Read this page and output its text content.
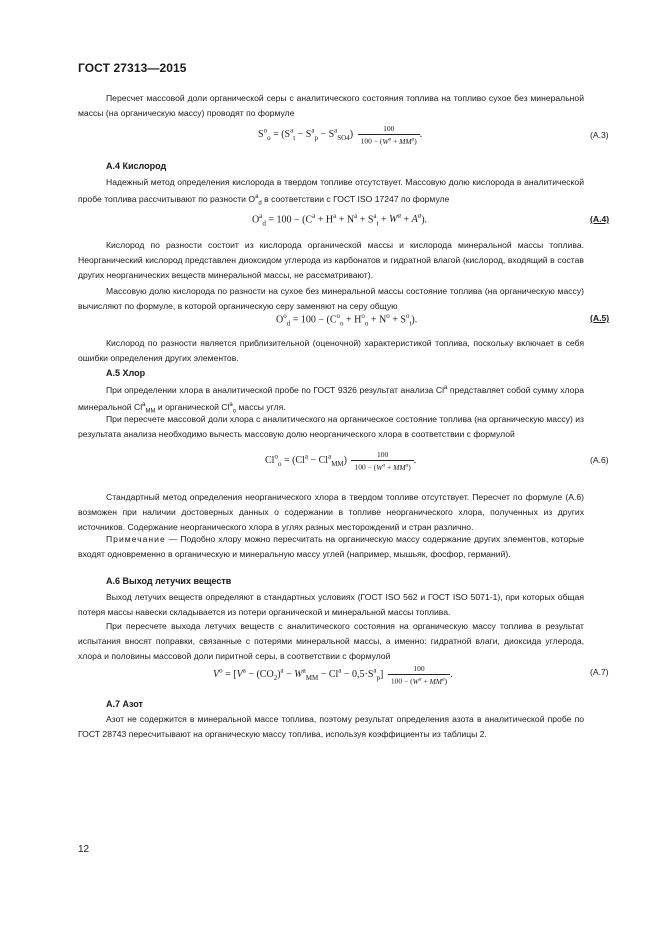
ГОСТ 27313—2015

Пересчет массовой доли органической серы с аналитического состояния топлива на топливо сухое без минеральной массы (на органическую массу) проводят по формуле

$S^o_o = (S^a_t - S^a_p - S^a_{SO4}) \frac{100}{100 - (W^a + MM^a)}$ .	(A.3)
А.4 Кислород

Надежный метод определения кислорода в твердом топливе отсутствует. Массовую долю кислорода в аналитической пробе топлива рассчитывают по разности $O^a_d$ в соответствии с ГОСТ ISO 17247 по формуле

$O^a_d = 100 - (C^a + H^a + N^a + S^a_t + W^a + A^a)$.	(A.4)

Кислород по разности состоит из кислорода органической массы и кислорода минеральной массы топлива. Неорганический кислород представлен диоксидом углерода из карбонатов и гидратной влагой (кислород, входящий в состав других неорганических веществ минеральной массы, не рассматривают).

Массовую долю кислорода по разности на сухое без минеральной массы состояние топлива (на органическую массу) вычисляют по формуле, в которой органическую серу заменяют на серу общую

$O^o_d = 100 - (C^o_o + H^o_o + N^o + S^o_t)$.	(A.5)

Кислород по разности является приблизительной (оценочной) характеристикой топлива, поскольку включает в себя ошибки определения других элементов.

А.5 Хлор

При определении хлора в аналитической пробе по ГОСТ 9326 результат анализа Cl$^a$ представляет собой сумму хлора минеральной $Cl^a_{MM}$ и органической $Cl^a_o$ массы угля.

При пересчете массовой доли хлора с аналитического на органическое состояние топлива (на органическую массу) из результата анализа необходимо вычесть массовую долю неорганического хлора в соответствии с формулой

$Cl^o_o = (Cl^a - Cl^a_{MM}) \frac{100}{100 - (W^a + MM^a)}$ .	(A.6)

Стандартный метод определения неорганического хлора в твердом топливе отсутствует. Пересчет по формуле (А.6) возможен при наличии достоверных данных о содержании в топливе неорганического хлора, полученных из других источников. Содержание неорганического хлора в углях разных месторождений и стран различно.

Примечание — Подобно хлору можно пересчитать на органическую массу содержание других элементов, которые входят одновременно в органическую и минеральную массу углей (например, мышьяк, фосфор, германий).

А.6 Выход летучих веществ

Выход летучих веществ определяют в стандартных условиях (ГОСТ ISO 562 и ГОСТ ISO 5071-1), при которых общая потеря массы навески складывается из потери органической и минеральной массы топлива.

При пересчете выхода летучих веществ с аналитического состояния на органическую массу топлива в результат испытания вносят поправки, связанные с потерями минеральной массы, а именно: гидратной влаги, диоксида углерода, хлора и половины массовой доли пиритной серы, в соответствии с формулой

$V^o = [V^a - (CO_2)^a - W^a_{MM} - Cl^a - 0,5\cdot S^a_p] \frac{100}{100 - (W^a + MM^a)}$ .	(A.7)
А.7 Азот

Азот не содержится в минеральной массе топлива, поэтому результат определения азота в аналитической пробе по ГОСТ 28743 пересчитывают на органическую массу топлива, используя коэффициенты из таблицы 2.

12
